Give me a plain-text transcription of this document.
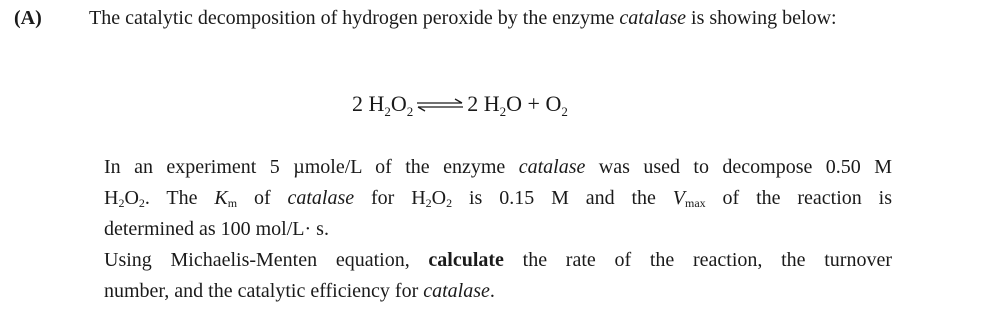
(A) The catalytic decomposition of hydrogen peroxide by the enzyme catalase is showing below:
2 $H_2O_2$ ⇌ 2 $H_2O + O_2$
In an experiment 5 µmole/L of the enzyme catalase was used to decompose 0.50 M
$H_2O_2$. The $K_m$ of catalase for $H_2O_2$ is 0.15 M and the $V_{max}$ of the reaction is
determined as 100 mol/L· s.
Using Michaelis-Menten equation, calculate the rate of the reaction, the turnover
number, and the catalytic efficiency for catalase.
